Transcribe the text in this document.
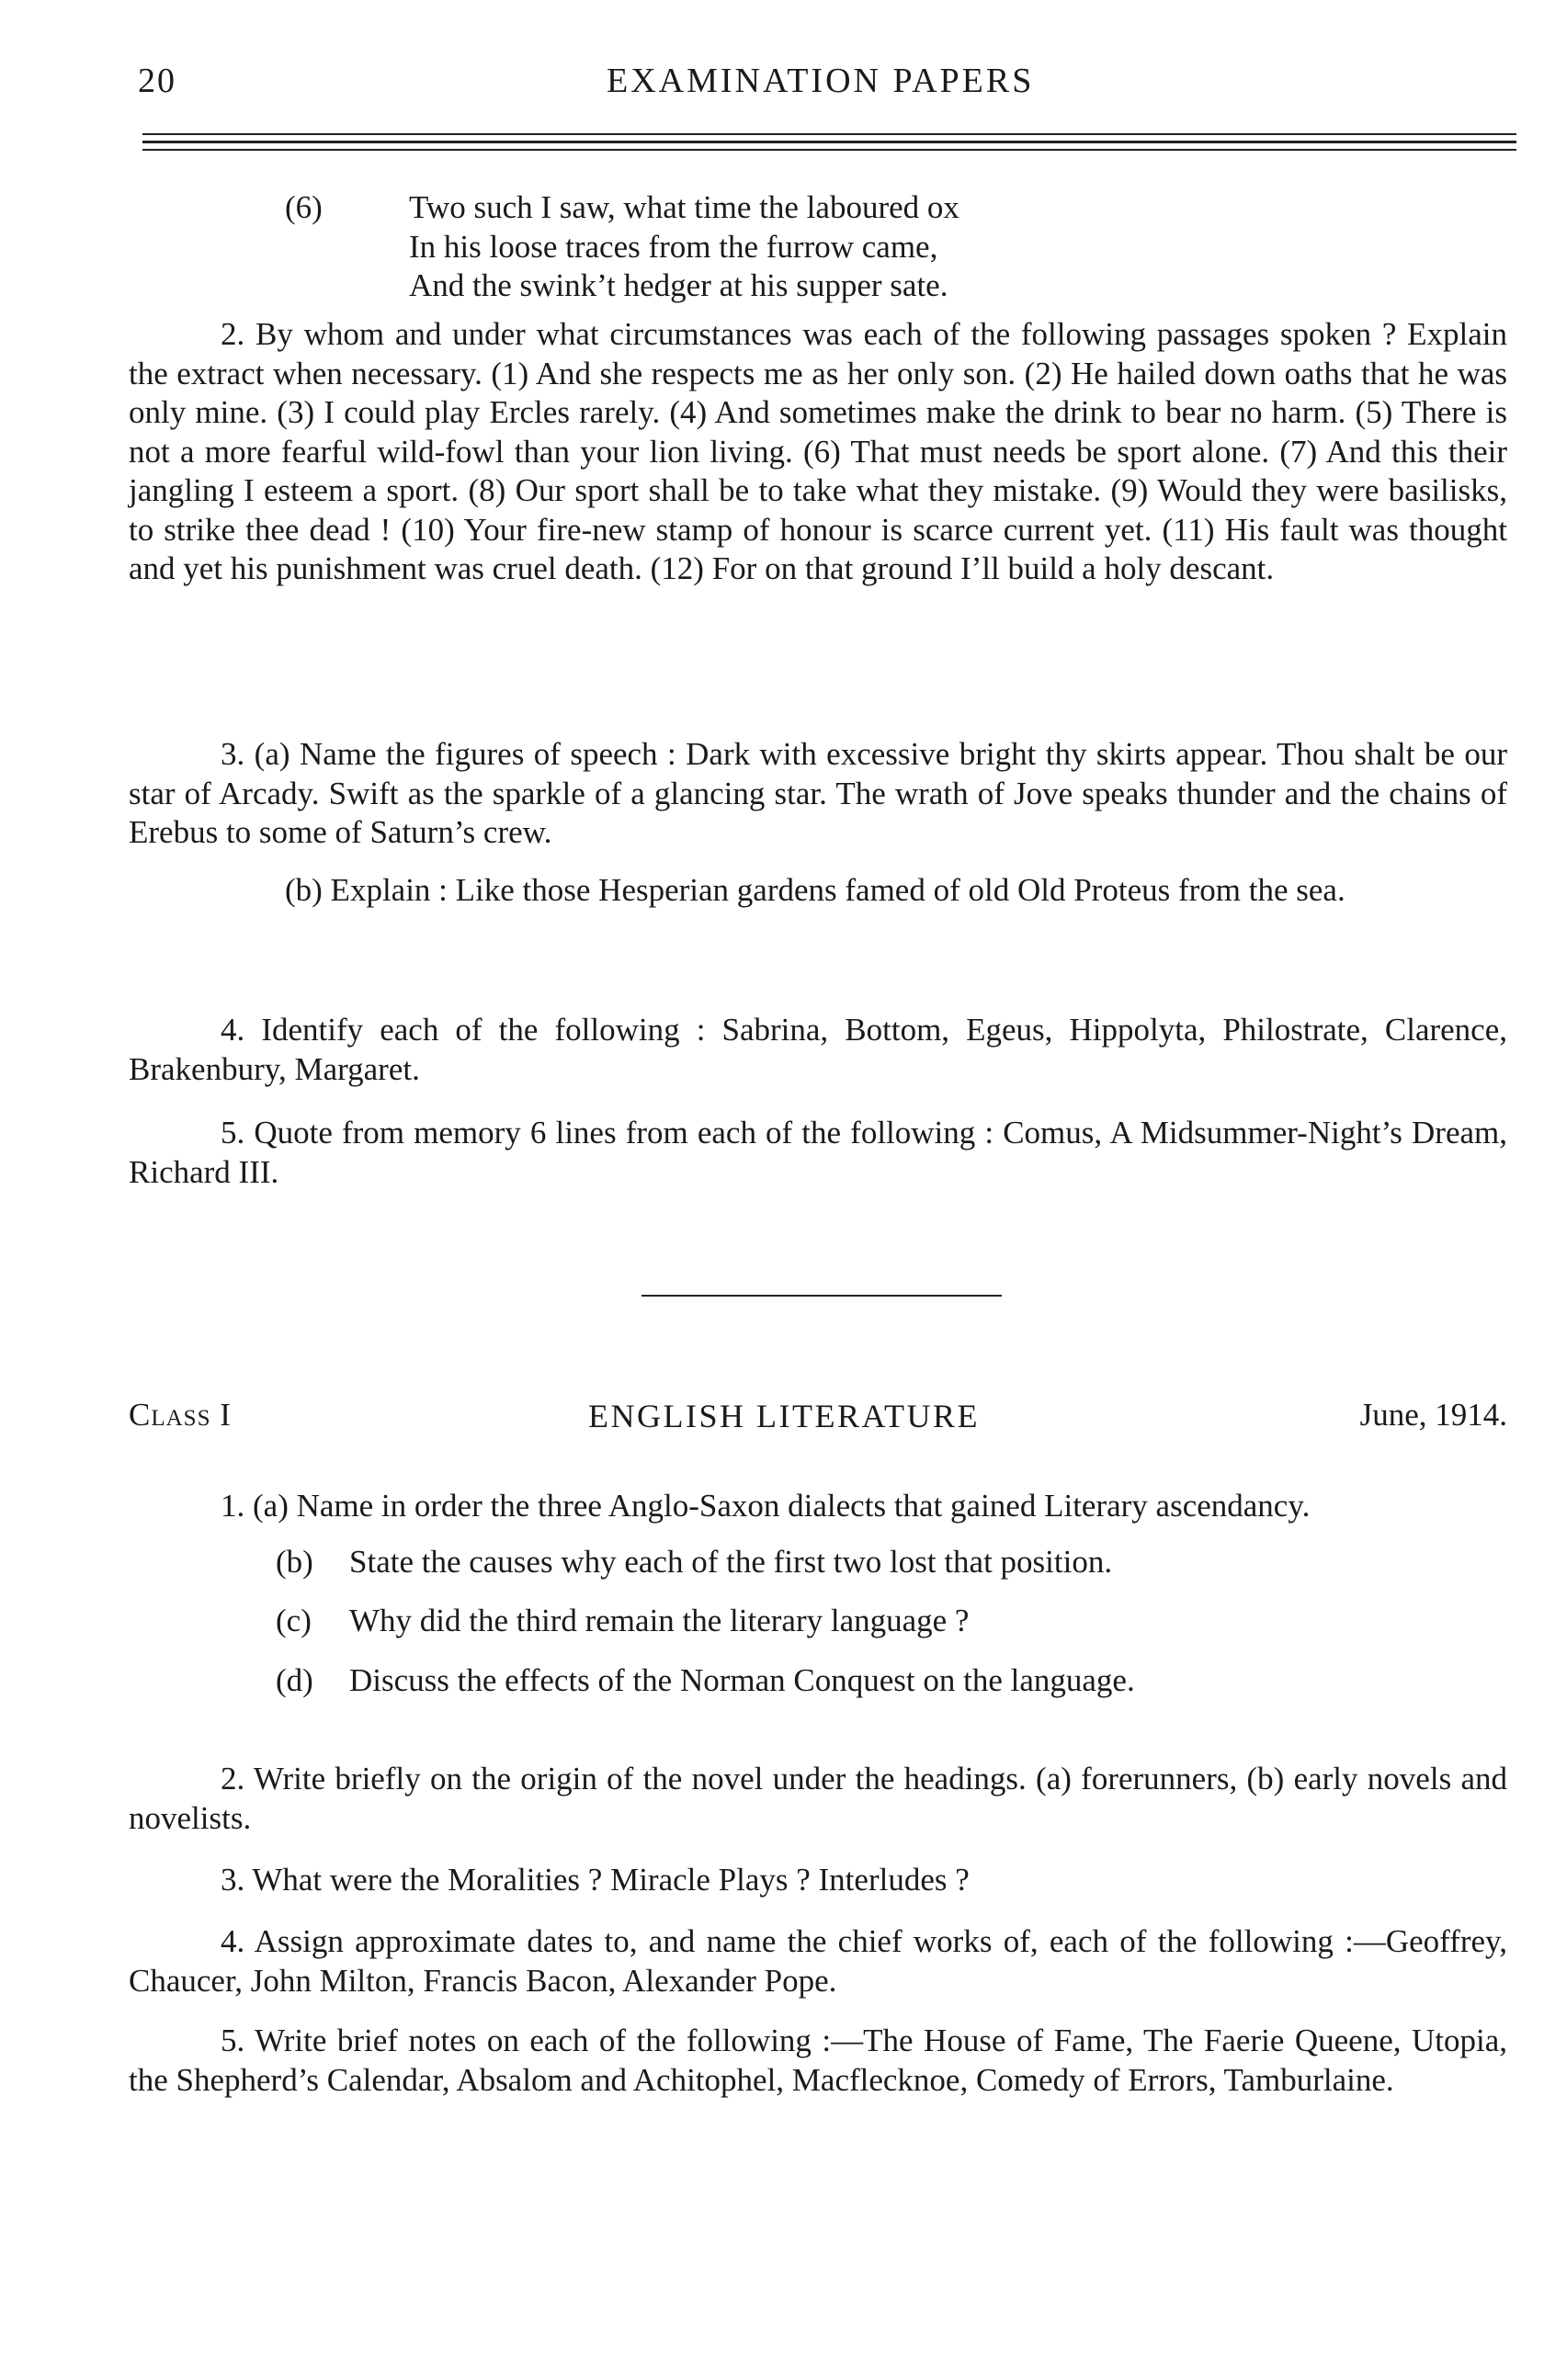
20	EXAMINATION PAPERS
(6)	Two such I saw, what time the laboured ox
In his loose traces from the furrow came,
And the swink’t hedger at his supper sate.

2. By whom and under what circumstances was each of the following passages spoken ? Explain the extract when necessary. (1) And she respects me as her only son. (2) He hailed down oaths that he was only mine. (3) I could play Ercles rarely. (4) And sometimes make the drink to bear no harm. (5) There is not a more fearful wild-fowl than your lion living. (6) That must needs be sport alone. (7) And this their jangling I esteem a sport. (8) Our sport shall be to take what they mistake. (9) Would they were basilisks, to strike thee dead ! (10) Your fire-new stamp of honour is scarce current yet. (11) His fault was thought and yet his punishment was cruel death. (12) For on that ground I’ll build a holy descant.

3. (a) Name the figures of speech : Dark with excessive bright thy skirts appear. Thou shalt be our star of Arcady. Swift as the sparkle of a glancing star. The wrath of Jove speaks thunder and the chains of Erebus to some of Saturn’s crew.

(b) Explain : Like those Hesperian gardens famed of old Old Proteus from the sea.

4. Identify each of the following : Sabrina, Bottom, Egeus, Hippolyta, Philostrate, Clarence, Brakenbury, Margaret.

5. Quote from memory 6 lines from each of the following : Comus, A Midsummer-Night’s Dream, Richard III.

Class I	ENGLISH LITERATURE	June, 1914.

1. (a) Name in order the three Anglo-Saxon dialects that gained Literary ascendancy.

(b) State the causes why each of the first two lost that position.

(c) Why did the third remain the literary language ?

(d) Discuss the effects of the Norman Conquest on the language.

2. Write briefly on the origin of the novel under the headings. (a) forerunners, (b) early novels and novelists.

3. What were the Moralities ? Miracle Plays ? Interludes ?

4. Assign approximate dates to, and name the chief works of, each of the following :—Geoffrey, Chaucer, John Milton, Francis Bacon, Alexander Pope.

5. Write brief notes on each of the following :—The House of Fame, The Faerie Queene, Utopia, the Shepherd’s Calendar, Absalom and Achitophel, Macflecknoe, Comedy of Errors, Tamburlaine.
